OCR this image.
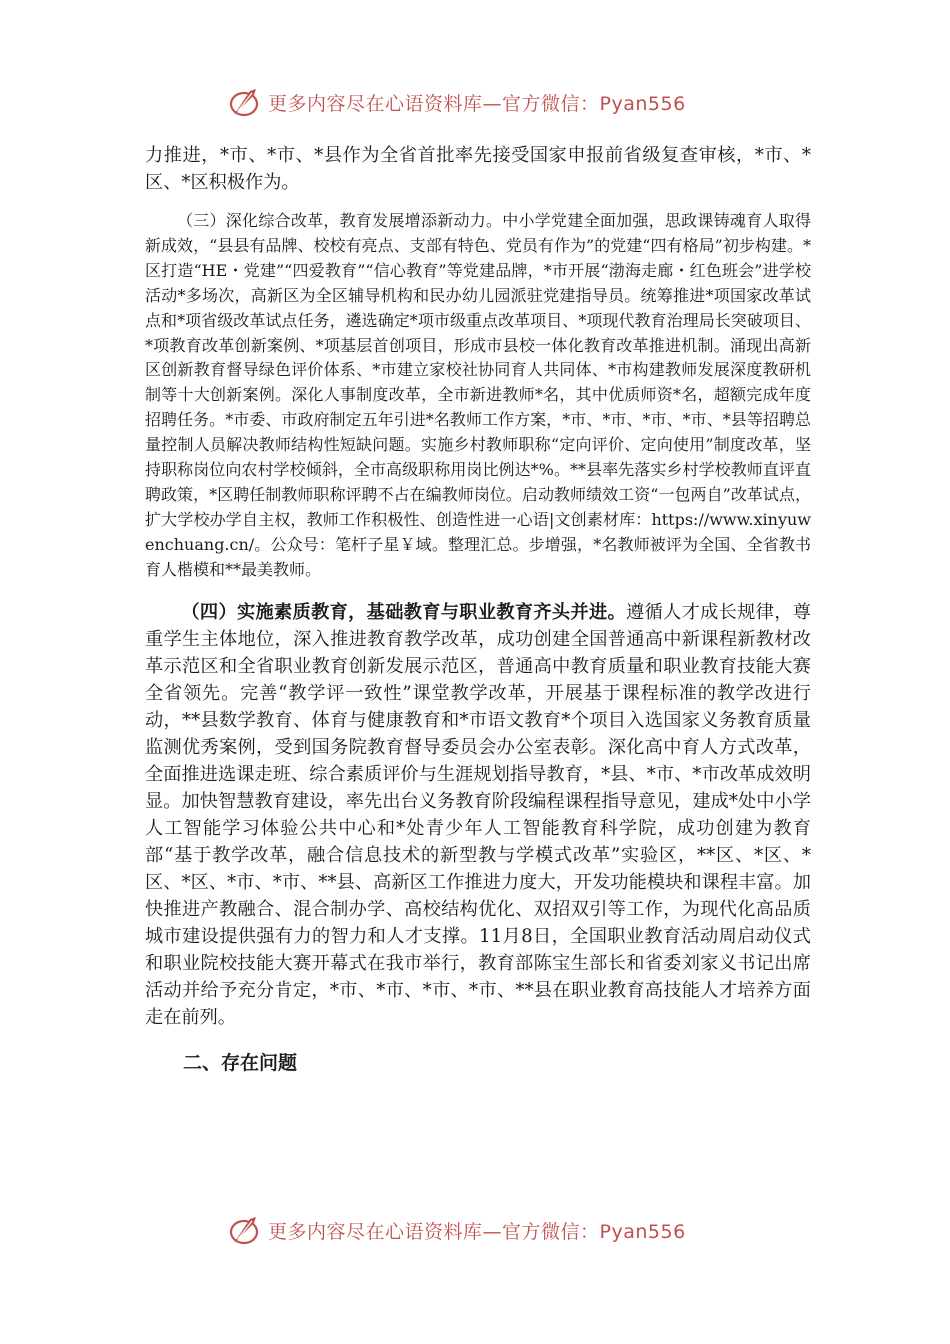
更多内容尽在心语资料库—官方微信：Pyan556

力推进，*市、*市、*县作为全省首批率先接受国家申报前省级复查审核，*市、*区、*区积极作为。

（三）深化综合改革，教育发展增添新动力。中小学党建全面加强，思政课铸魂育人取得新成效，“县县有品牌、校校有亮点、支部有特色、党员有作为”的党建“四有格局”初步构建。*区打造“HE・党建”“四爱教育”“信心教育”等党建品牌，*市开展“渤海走廊・红色班会”进学校活动*多场次，高新区为全区辅导机构和民办幼儿园派驻党建指导员。统筹推进*项国家改革试点和*项省级改革试点任务，遴选确定*项市级重点改革项目、*项现代教育治理局长突破项目、*项教育改革创新案例、*项基层首创项目，形成市县校一体化教育改革推进机制。涌现出高新区创新教育督导绿色评价体系、*市建立家校社协同育人共同体、*市构建教师发展深度教研机制等十大创新案例。深化人事制度改革，全市新进教师*名，其中优质师资*名，超额完成年度招聘任务。*市委、市政府制定五年引进*名教师工作方案，*市、*市、*市、*市、*县等招聘总量控制人员解决教师结构性短缺问题。实施乡村教师职称“定向评价、定向使用”制度改革，坚持职称岗位向农村学校倾斜，全市高级职称用岗比例达*%。**县率先落实乡村学校教师直评直聘政策，*区聘任制教师职称评聘不占在编教师岗位。启动教师绩效工资“一包两自”改革试点，扩大学校办学自主权，教师工作积极性、创造性进一心语|文创素材库：https://www.xinyuwenchuang.cn/。公众号：笔杆子星￥域。整理汇总。步增强，*名教师被评为全国、全省教书育人楷模和**最美教师。

（四）实施素质教育，基础教育与职业教育齐头并进。遵循人才成长规律，尊重学生主体地位，深入推进教育教学改革，成功创建全国普通高中新课程新教材改革示范区和全省职业教育创新发展示范区，普通高中教育质量和职业教育技能大赛全省领先。完善“教学评一致性”课堂教学改革，开展基于课程标准的教学改进行动，**县数学教育、体育与健康教育和*市语文教育*个项目入选国家义务教育质量监测优秀案例，受到国务院教育督导委员会办公室表彰。深化高中育人方式改革，全面推进选课走班、综合素质评价与生涯规划指导教育，*县、*市、*市改革成效明显。加快智慧教育建设，率先出台义务教育阶段编程课程指导意见，建成*处中小学人工智能学习体验公共中心和*处青少年人工智能教育科学院，成功创建为教育部“基于教学改革，融合信息技术的新型教与学模式改革”实验区，**区、*区、*区、*区、*市、*市、**县、高新区工作推进力度大，开发功能模块和课程丰富。加快推进产教融合、混合制办学、高校结构优化、双招双引等工作，为现代化高品质城市建设提供强有力的智力和人才支撑。11月8日，全国职业教育活动周启动仪式和职业院校技能大赛开幕式在我市举行，教育部陈宝生部长和省委刘家义书记出席活动并给予充分肯定，*市、*市、*市、*市、**县在职业教育高技能人才培养方面走在前列。

二、存在问题
更多内容尽在心语资料库—官方微信：Pyan556
